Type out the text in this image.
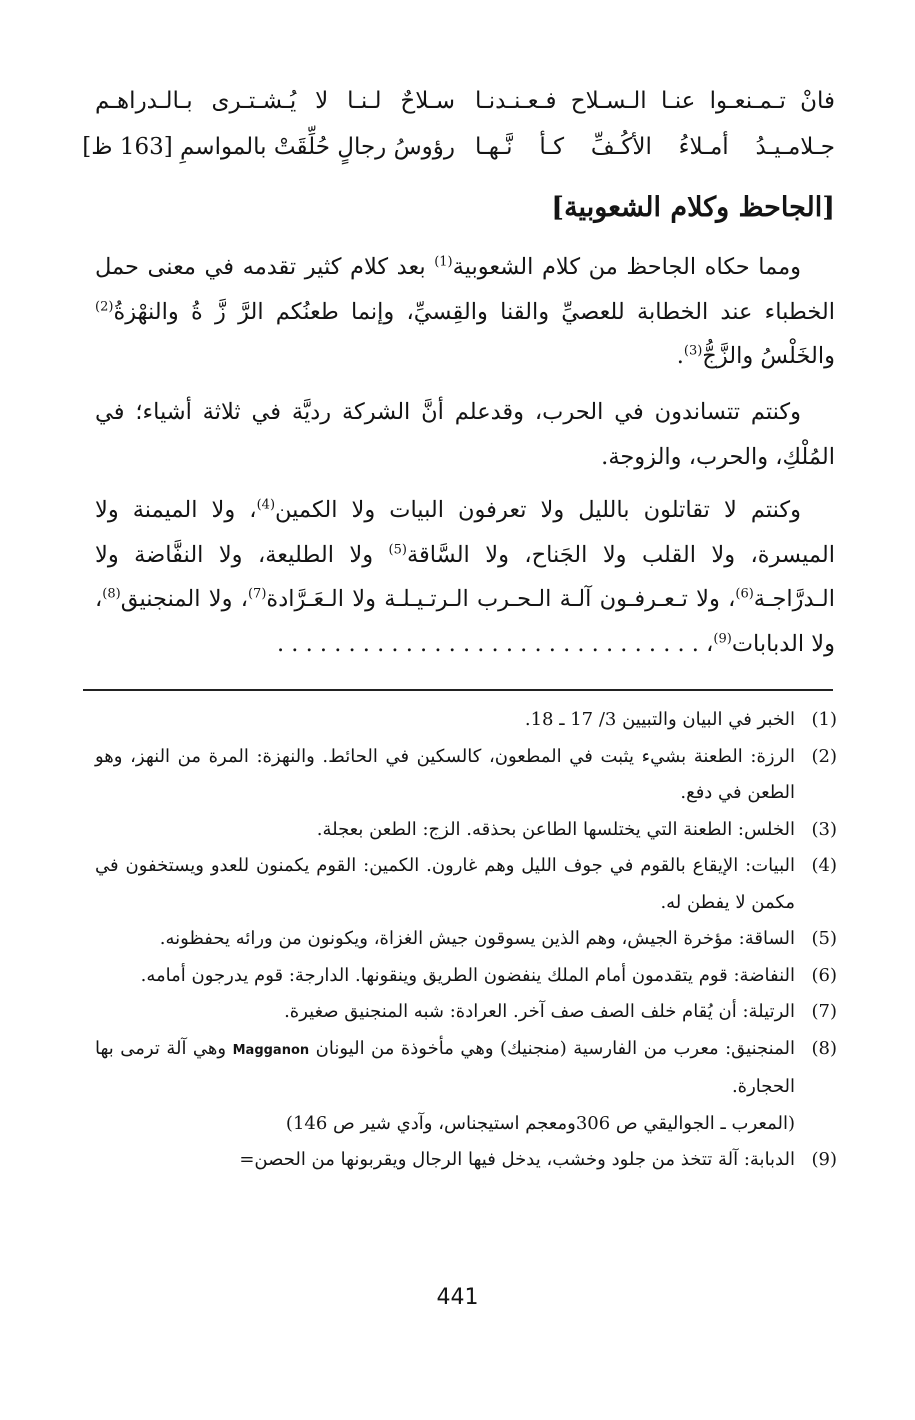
فانْ تـمـنعـوا عنـا الـسـلاح فـعـنـدنـا
سـلاحٌ لـنـا لا يُـشـتـرى بـالـدراهـم
جـلامـيـدُ أمـلاءُ الأكُـفِّ كـأ نَّـهـا
رؤوسُ رجالٍ حُلِّقَتْ بالمواسمِ [163 ظ]
[الجاحظ وكلام الشعوبية]
ومما حكاه الجاحظ من كلام الشعوبية$^{(1)}$ بعد كلام كثير تقدمه في معنى حمل الخطباء عند الخطابة للعصيِّ والقنا والقِسيِّ، وإنما طعنُكم الرَّ زَّ ةُ والنهْزةُ$^{(2)}$ والخَلْسُ والزَّجُّ$^{(3)}$.
وكنتم تتساندون في الحرب، وقدعلم أنَّ الشركة رديَّة في ثلاثة أشياء؛ في المُلْكِ، والحرب، والزوجة.
وكنتم لا تقاتلون بالليل ولا تعرفون البيات ولا الكمين$^{(4)}$، ولا الميمنة ولا الميسرة، ولا القلب ولا الجَناح، ولا السَّاقة$^{(5)}$ ولا الطليعة، ولا النفَّاضة ولا الـدرَّاجـة$^{(6)}$، ولا تـعـرفـون آلـة الـحـرب الـرتـيـلـة ولا الـعَـرَّادة$^{(7)}$، ولا المنجنيق$^{(8)}$، ولا الدبابات$^{(9)}$، . . . . . . . . . . . . . . . . . . . . . . . . . . . . . .
(1)
الخبر في البيان والتبيين 3/ 17 ـ 18.
(2)
الرزة: الطعنة بشيء يثبت في المطعون، كالسكين في الحائط. والنهزة: المرة من النهز، وهو الطعن في دفع.
(3)
الخلس: الطعنة التي يختلسها الطاعن بحذقه. الزج: الطعن بعجلة.
(4)
البيات: الإيقاع بالقوم في جوف الليل وهم غارون. الكمين: القوم يكمنون للعدو ويستخفون في مكمن لا يفطن له.
(5)
الساقة: مؤخرة الجيش، وهم الذين يسوقون جيش الغزاة، ويكونون من ورائه يحفظونه.
(6)
النفاضة: قوم يتقدمون أمام الملك ينفضون الطريق وينقونها. الدارجة: قوم يدرجون أمامه.
(7)
الرتيلة: أن يُقام خلف الصف صف آخر. العرادة: شبه المنجنيق صغيرة.
(8)
المنجنيق: معرب من الفارسية (منجنيك) وهي مأخوذة من اليونان Magganon وهي آلة ترمى بها الحجارة.
(المعرب ـ الجواليقي ص 306ومعجم استيجناس، وآدي شير ص 146)
(9)
الدبابة: آلة تتخذ من جلود وخشب، يدخل فيها الرجال ويقربونها من الحصن=
441
